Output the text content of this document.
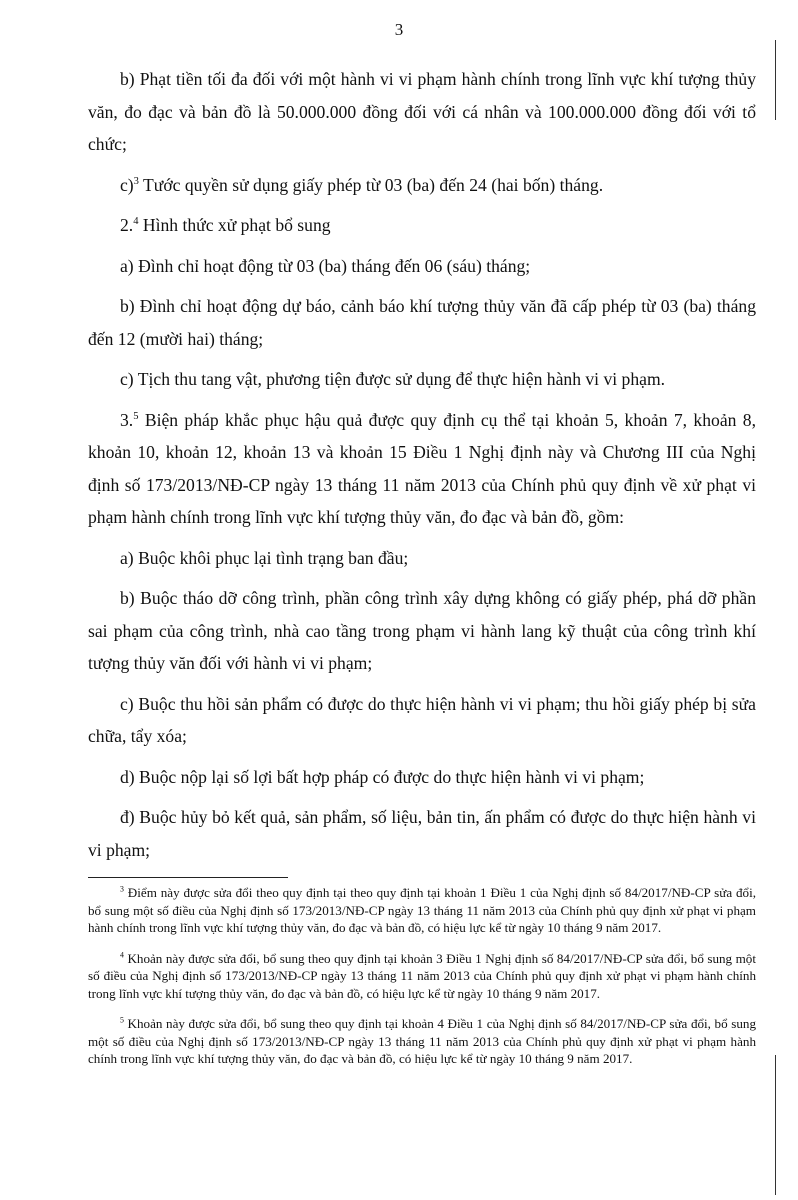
3

b) Phạt tiền tối đa đối với một hành vi vi phạm hành chính trong lĩnh vực khí tượng thủy văn, đo đạc và bản đồ là 50.000.000 đồng đối với cá nhân và 100.000.000 đồng đối với tổ chức;

c)$^3$ Tước quyền sử dụng giấy phép từ 03 (ba) đến 24 (hai bốn) tháng.

2.$^4$ Hình thức xử phạt bổ sung

a) Đình chỉ hoạt động từ 03 (ba) tháng đến 06 (sáu) tháng;

b) Đình chỉ hoạt động dự báo, cảnh báo khí tượng thủy văn đã cấp phép từ 03 (ba) tháng đến 12 (mười hai) tháng;

c) Tịch thu tang vật, phương tiện được sử dụng để thực hiện hành vi vi phạm.

3.$^5$ Biện pháp khắc phục hậu quả được quy định cụ thể tại khoản 5, khoản 7, khoản 8, khoản 10, khoản 12, khoản 13 và khoản 15 Điều 1 Nghị định này và Chương III của Nghị định số 173/2013/NĐ-CP ngày 13 tháng 11 năm 2013 của Chính phủ quy định về xử phạt vi phạm hành chính trong lĩnh vực khí tượng thủy văn, đo đạc và bản đồ, gồm:

a) Buộc khôi phục lại tình trạng ban đầu;

b) Buộc tháo dỡ công trình, phần công trình xây dựng không có giấy phép, phá dỡ phần sai phạm của công trình, nhà cao tầng trong phạm vi hành lang kỹ thuật của công trình khí tượng thủy văn đối với hành vi vi phạm;

c) Buộc thu hồi sản phẩm có được do thực hiện hành vi vi phạm; thu hồi giấy phép bị sửa chữa, tẩy xóa;

d) Buộc nộp lại số lợi bất hợp pháp có được do thực hiện hành vi vi phạm;

đ) Buộc hủy bỏ kết quả, sản phẩm, số liệu, bản tin, ấn phẩm có được do thực hiện hành vi vi phạm;

$^3$ Điểm này được sửa đổi theo quy định tại theo quy định tại khoản 1 Điều 1 của Nghị định số 84/2017/NĐ-CP sửa đổi, bổ sung một số điều của Nghị định số 173/2013/NĐ-CP ngày 13 tháng 11 năm 2013 của Chính phủ quy định xử phạt vi phạm hành chính trong lĩnh vực khí tượng thủy văn, đo đạc và bản đồ, có hiệu lực kể từ ngày 10 tháng 9 năm 2017.

$^4$ Khoản này được sửa đổi, bổ sung theo quy định tại khoản 3 Điều 1 Nghị định số 84/2017/NĐ-CP sửa đổi, bổ sung một số điều của Nghị định số 173/2013/NĐ-CP ngày 13 tháng 11 năm 2013 của Chính phủ quy định xử phạt vi phạm hành chính trong lĩnh vực khí tượng thủy văn, đo đạc và bản đồ, có hiệu lực kể từ ngày 10 tháng 9 năm 2017.

$^5$ Khoản này được sửa đổi, bổ sung theo quy định tại khoản 4 Điều 1 của Nghị định số 84/2017/NĐ-CP sửa đổi, bổ sung một số điều của Nghị định số 173/2013/NĐ-CP ngày 13 tháng 11 năm 2013 của Chính phủ quy định xử phạt vi phạm hành chính trong lĩnh vực khí tượng thủy văn, đo đạc và bản đồ, có hiệu lực kể từ ngày 10 tháng 9 năm 2017.
